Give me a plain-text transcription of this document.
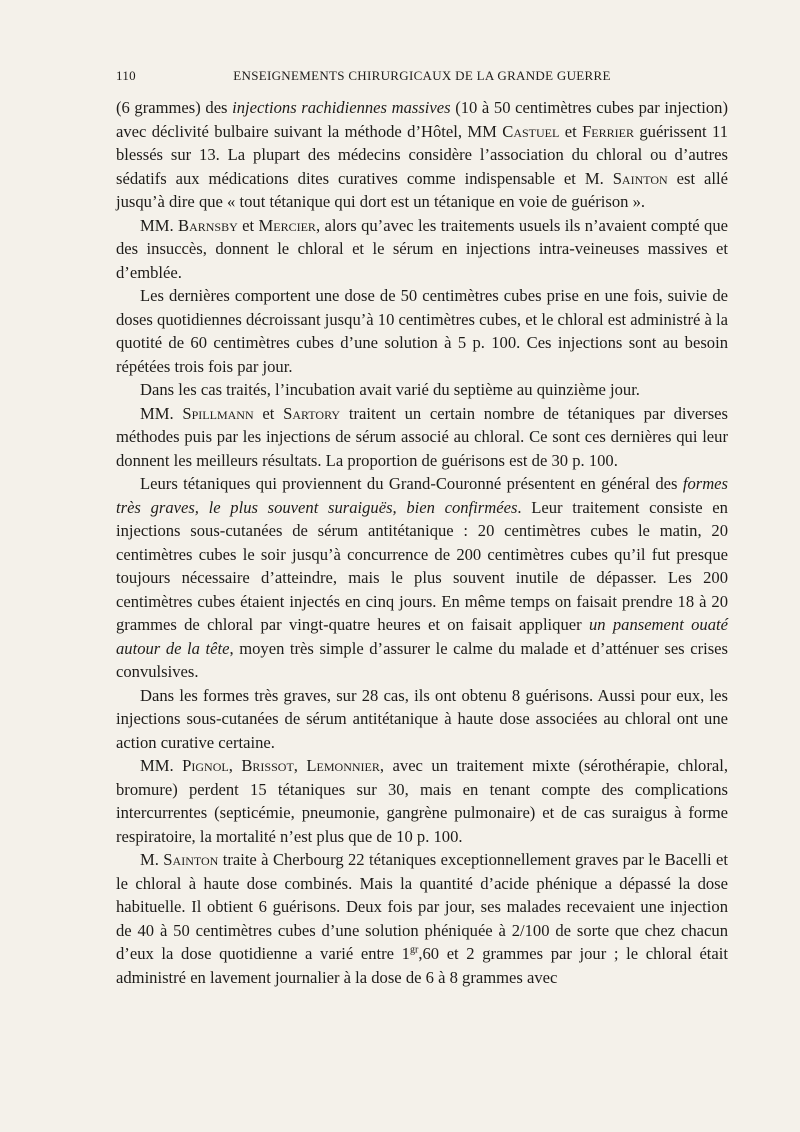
110	ENSEIGNEMENTS CHIRURGICAUX DE LA GRANDE GUERRE

(6 grammes) des injections rachidiennes massives (10 à 50 centimètres cubes par injection) avec déclivité bulbaire suivant la méthode d’Hôtel, MM Castuel et Ferrier guérissent 11 blessés sur 13. La plupart des médecins considère l’association du chloral ou d’autres sédatifs aux médications dites curatives comme indispensable et M. Sainton est allé jusqu’à dire que « tout tétanique qui dort est un tétanique en voie de guérison ».

MM. Barnsby et Mercier, alors qu’avec les traitements usuels ils n’avaient compté que des insuccès, donnent le chloral et le sérum en injections intra-veineuses massives et d’emblée.

Les dernières comportent une dose de 50 centimètres cubes prise en une fois, suivie de doses quotidiennes décroissant jusqu’à 10 centimètres cubes, et le chloral est administré à la quotité de 60 centimètres cubes d’une solution à 5 p. 100. Ces injections sont au besoin répétées trois fois par jour.

Dans les cas traités, l’incubation avait varié du septième au quinzième jour.

MM. Spillmann et Sartory traitent un certain nombre de tétaniques par diverses méthodes puis par les injections de sérum associé au chloral. Ce sont ces dernières qui leur donnent les meilleurs résultats. La proportion de guérisons est de 30 p. 100.

Leurs tétaniques qui proviennent du Grand-Couronné présentent en général des formes très graves, le plus souvent suraiguës, bien confirmées. Leur traitement consiste en injections sous-cutanées de sérum antitétanique : 20 centimètres cubes le matin, 20 centimètres cubes le soir jusqu’à concurrence de 200 centimètres cubes qu’il fut presque toujours nécessaire d’atteindre, mais le plus souvent inutile de dépasser. Les 200 centimètres cubes étaient injectés en cinq jours. En même temps on faisait prendre 18 à 20 grammes de chloral par vingt-quatre heures et on faisait appliquer un pansement ouaté autour de la tête, moyen très simple d’assurer le calme du malade et d’atténuer ses crises convulsives.

Dans les formes très graves, sur 28 cas, ils ont obtenu 8 guérisons. Aussi pour eux, les injections sous-cutanées de sérum antitétanique à haute dose associées au chloral ont une action curative certaine.

MM. Pignol, Brissot, Lemonnier, avec un traitement mixte (sérothérapie, chloral, bromure) perdent 15 tétaniques sur 30, mais en tenant compte des complications intercurrentes (septicémie, pneumonie, gangrène pulmonaire) et de cas suraigus à forme respiratoire, la mortalité n’est plus que de 10 p. 100.

M. Sainton traite à Cherbourg 22 tétaniques exceptionnellement graves par le Bacelli et le chloral à haute dose combinés. Mais la quantité d’acide phénique a dépassé la dose habituelle. Il obtient 6 guérisons. Deux fois par jour, ses malades recevaient une injection de 40 à 50 centimètres cubes d’une solution phéniquée à 2/100 de sorte que chez chacun d’eux la dose quotidienne a varié entre $1^{gr},60$ et 2 grammes par jour ; le chloral était administré en lavement journalier à la dose de 6 à 8 grammes avec
